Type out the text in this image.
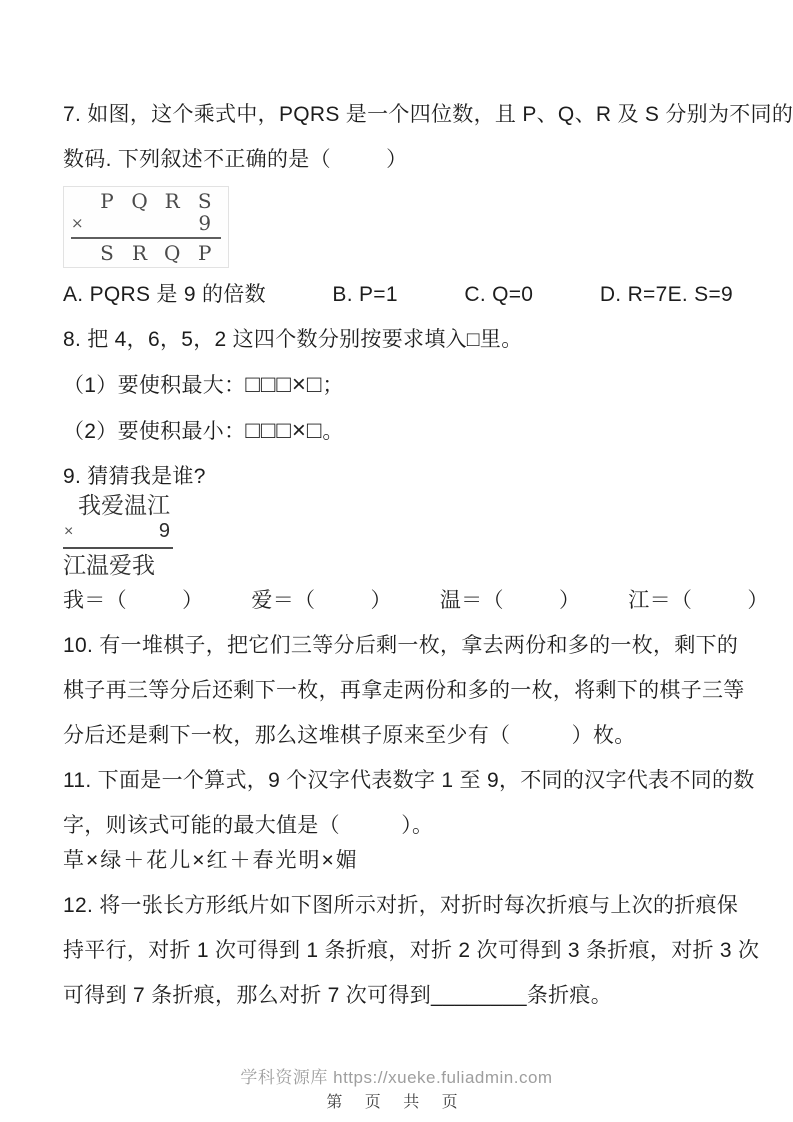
7. 如图，这个乘式中，PQRS 是一个四位数，且 P、Q、R 及 S 分别为不同的
数码. 下列叙述不正确的是（         ）
P Q R S
×	9
S R Q P
A. PQRS 是 9 的倍数	B. P=1	C. Q=0	D. R=7E. S=9
8. 把 4，6，5，2 这四个数分别按要求填入□里。
（1）要使积最大：□□□×□；
（2）要使积最小：□□□×□。
9. 猜猜我是谁?
我爱温江
×	9
江温爱我
我＝（         ） 爱＝（         ） 温＝（         ） 江＝（         ）
10. 有一堆棋子，把它们三等分后剩一枚，拿去两份和多的一枚，剩下的
棋子再三等分后还剩下一枚，再拿走两份和多的一枚，将剩下的棋子三等
分后还是剩下一枚，那么这堆棋子原来至少有（          ）枚。
11. 下面是一个算式，9 个汉字代表数字 1 至 9，不同的汉字代表不同的数
字，则该式可能的最大值是（          ）。
草×绿＋花儿×红＋春光明×媚
12. 将一张长方形纸片如下图所示对折，对折时每次折痕与上次的折痕保
持平行，对折 1 次可得到 1 条折痕，对折 2 次可得到 3 条折痕，对折 3 次
可得到 7 条折痕，那么对折 7 次可得到________条折痕。
学科资源库 https://xueke.fuliadmin.com
第 页 共 页
